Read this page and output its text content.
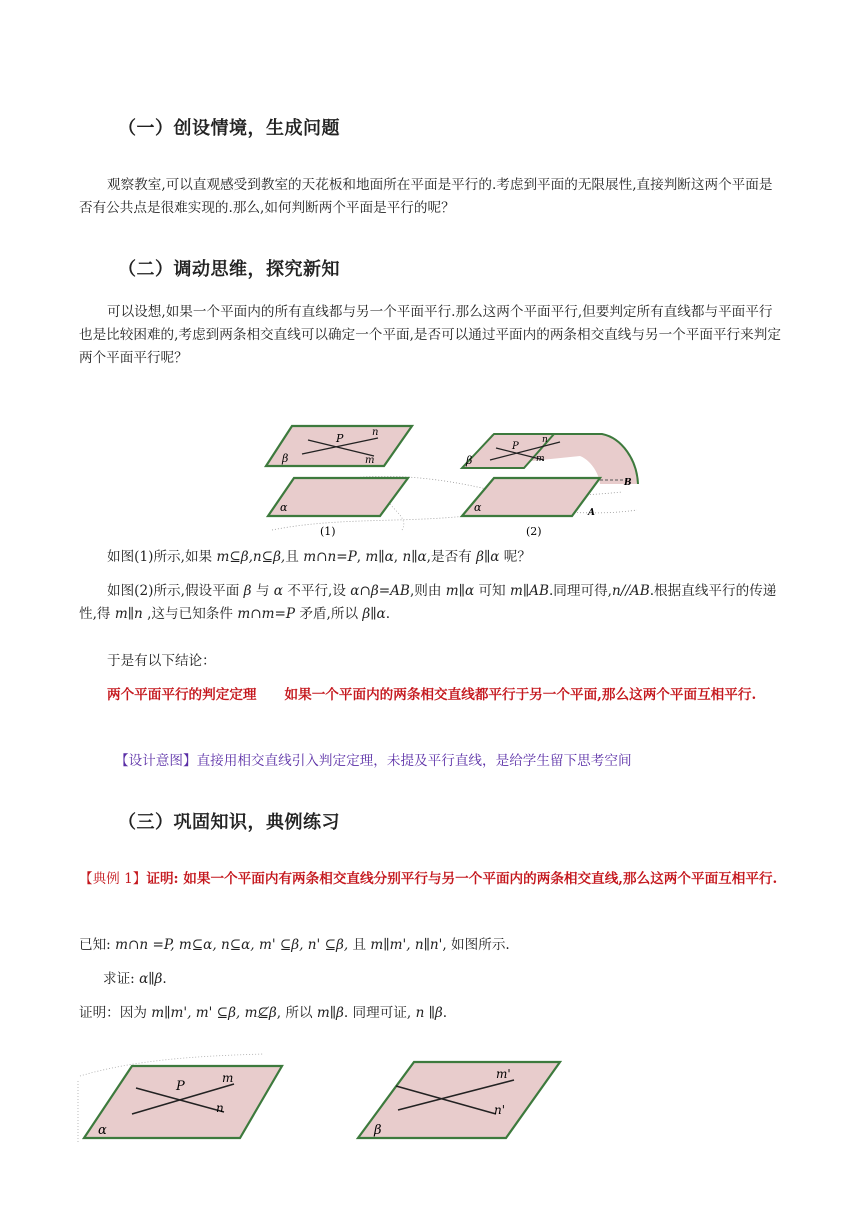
（一）创设情境，生成问题
观察教室,可以直观感受到教室的天花板和地面所在平面是平行的.考虑到平面的无限展性,直接判断这两个平面是否有公共点是很难实现的.那么,如何判断两个平面是平行的呢？
（二）调动思维，探究新知
可以设想,如果一个平面内的所有直线都与另一个平面平行.那么这两个平面平行,但要判定所有直线都与平面平行也是比较困难的,考虑到两条相交直线可以确定一个平面,是否可以通过平面内的两条相交直线与另一个平面平行来判定两个平面平行呢？
P	n
m
β
α
(1)
P
n
m
β
α
B
A
(2)
如图(1)所示,如果 m⊆β,n⊆β,且 m∩n=P, m∥α, n∥α,是否有 β∥α 呢？
如图(2)所示,假设平面 β 与 α 不平行,设 α∩β=AB,则由 m∥α 可知 m∥AB.同理可得,n//AB.根据直线平行的传递性,得 m∥n ,这与已知条件 m∩m=P 矛盾,所以 β∥α.
于是有以下结论：
两个平面平行的判定定理 如果一个平面内的两条相交直线都平行于另一个平面,那么这两个平面互相平行.
【设计意图】直接用相交直线引入判定定理，未提及平行直线，是给学生留下思考空间
（三）巩固知识，典例练习
【典例 1】证明: 如果一个平面内有两条相交直线分别平行与另一个平面内的两条相交直线,那么这两个平面互相平行.
已知: m∩n =P, m⊆α, n⊆α, m' ⊆β, n' ⊆β, 且 m∥m', n∥n', 如图所示.
求证: α∥β.
证明：因为 m∥m', m' ⊆β, m⊈β, 所以 m∥β. 同理可证, n ∥β.
P
m
n
α
m'
n'
β
